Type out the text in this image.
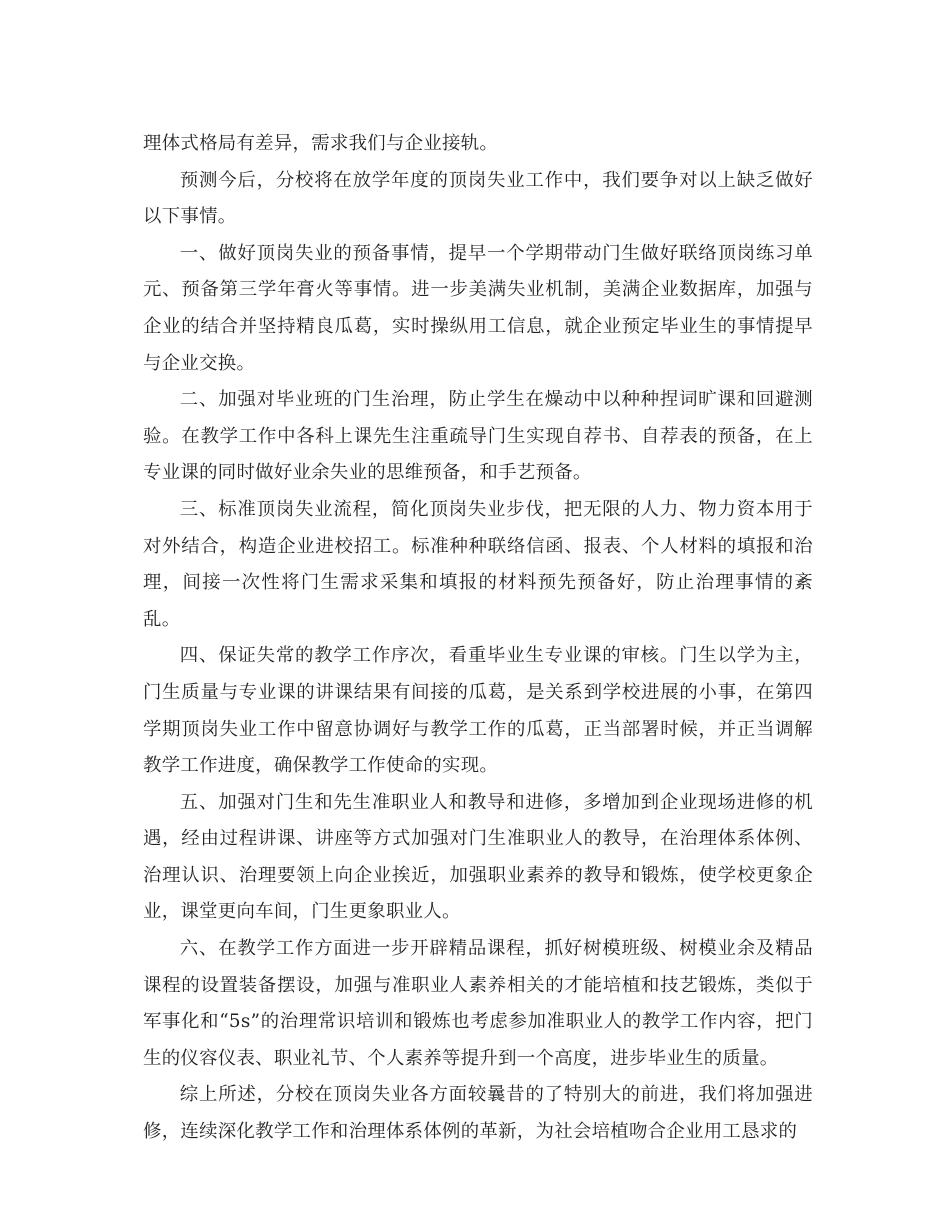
理体式格局有差异，需求我们与企业接轨。

预测今后，分校将在放学年度的顶岗失业工作中，我们要争对以上缺乏做好以下事情。

一、做好顶岗失业的预备事情，提早一个学期带动门生做好联络顶岗练习单元、预备第三学年膏火等事情。进一步美满失业机制，美满企业数据库，加强与企业的结合并坚持精良瓜葛，实时操纵用工信息，就企业预定毕业生的事情提早与企业交换。

二、加强对毕业班的门生治理，防止学生在燥动中以种种捏词旷课和回避测验。在教学工作中各科上课先生注重疏导门生实现自荐书、自荐表的预备，在上专业课的同时做好业余失业的思维预备，和手艺预备。

三、标准顶岗失业流程，简化顶岗失业步伐，把无限的人力、物力资本用于对外结合，构造企业进校招工。标准种种联络信函、报表、个人材料的填报和治理，间接一次性将门生需求采集和填报的材料预先预备好，防止治理事情的紊乱。

四、保证失常的教学工作序次，看重毕业生专业课的审核。门生以学为主，门生质量与专业课的讲课结果有间接的瓜葛，是关系到学校进展的小事，在第四学期顶岗失业工作中留意协调好与教学工作的瓜葛，正当部署时候，并正当调解教学工作进度，确保教学工作使命的实现。

五、加强对门生和先生准职业人和教导和进修，多增加到企业现场进修的机遇，经由过程讲课、讲座等方式加强对门生准职业人的教导，在治理体系体例、治理认识、治理要领上向企业挨近，加强职业素养的教导和锻炼，使学校更象企业，课堂更向车间，门生更象职业人。

六、在教学工作方面进一步开辟精品课程，抓好树模班级、树模业余及精品课程的设置装备摆设，加强与准职业人素养相关的才能培植和技艺锻炼，类似于军事化和“5s”的治理常识培训和锻炼也考虑参加准职业人的教学工作内容，把门生的仪容仪表、职业礼节、个人素养等提升到一个高度，进步毕业生的质量。

综上所述，分校在顶岗失业各方面较曩昔的了特别大的前进，我们将加强进修，连续深化教学工作和治理体系体例的革新，为社会培植吻合企业用工恳求的
